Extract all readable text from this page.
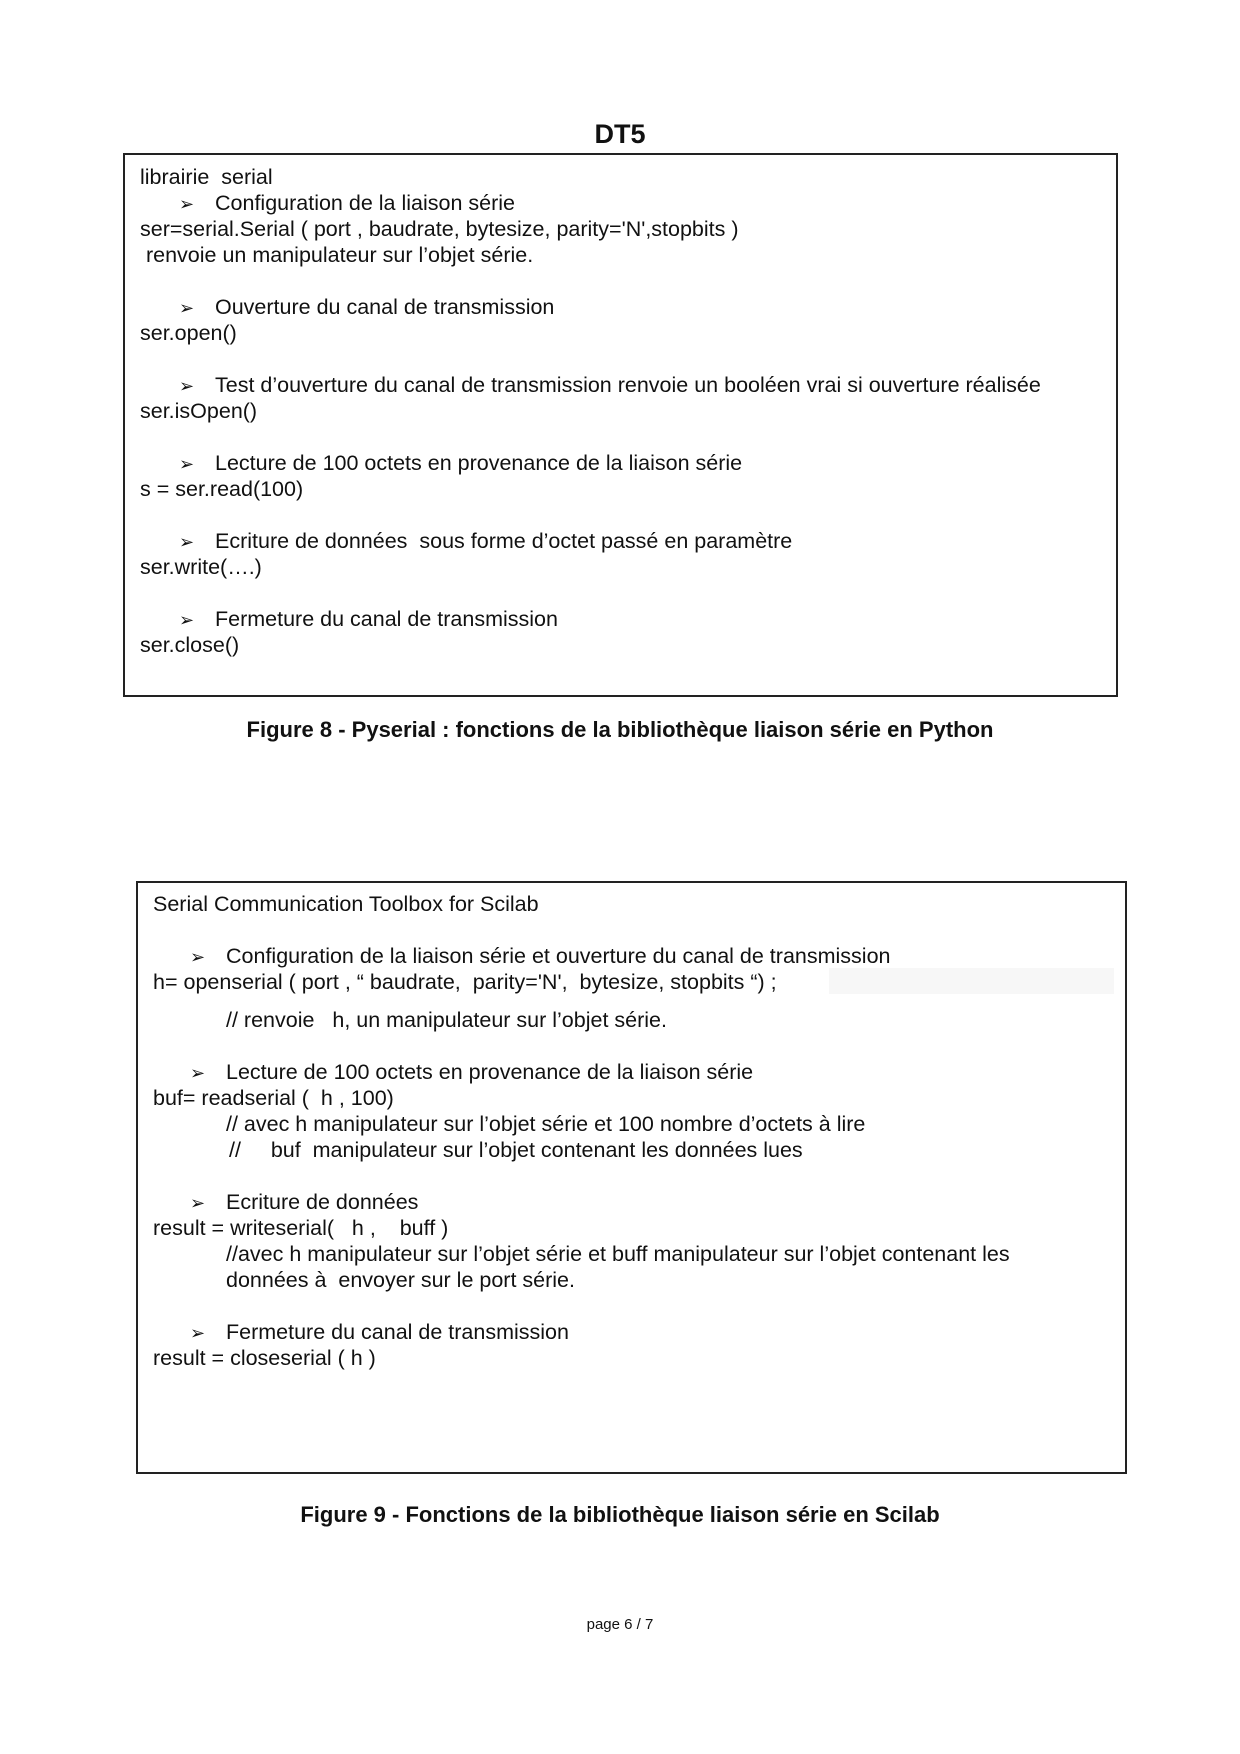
DT5
librairie  serial
➢ Configuration de la liaison série
ser=serial.Serial ( port , baudrate, bytesize, parity='N',stopbits )
renvoie un manipulateur sur l’objet série.
➢ Ouverture du canal de transmission
ser.open()
➢ Test d’ouverture du canal de transmission renvoie un booléen vrai si ouverture réalisée
ser.isOpen()
➢ Lecture de 100 octets en provenance de la liaison série
s = ser.read(100)
➢ Ecriture de données  sous forme d’octet passé en paramètre
ser.write(….)
➢ Fermeture du canal de transmission
ser.close()
Figure 8 - Pyserial : fonctions de la bibliothèque liaison série en Python
Serial Communication Toolbox for Scilab
➢ Configuration de la liaison série et ouverture du canal de transmission
h= openserial ( port , “ baudrate,  parity='N',  bytesize, stopbits “) ;
// renvoie   h, un manipulateur sur l’objet série.
➢ Lecture de 100 octets en provenance de la liaison série
buf= readserial (  h , 100)
// avec h manipulateur sur l’objet série et 100 nombre d’octets à lire
//     buf  manipulateur sur l’objet contenant les données lues
➢ Ecriture de données
result = writeserial(   h ,    buff )
//avec h manipulateur sur l’objet série et buff manipulateur sur l’objet contenant les
données à  envoyer sur le port série.
➢ Fermeture du canal de transmission
result = closeserial ( h )
Figure 9 - Fonctions de la bibliothèque liaison série en Scilab
page 6 / 7
